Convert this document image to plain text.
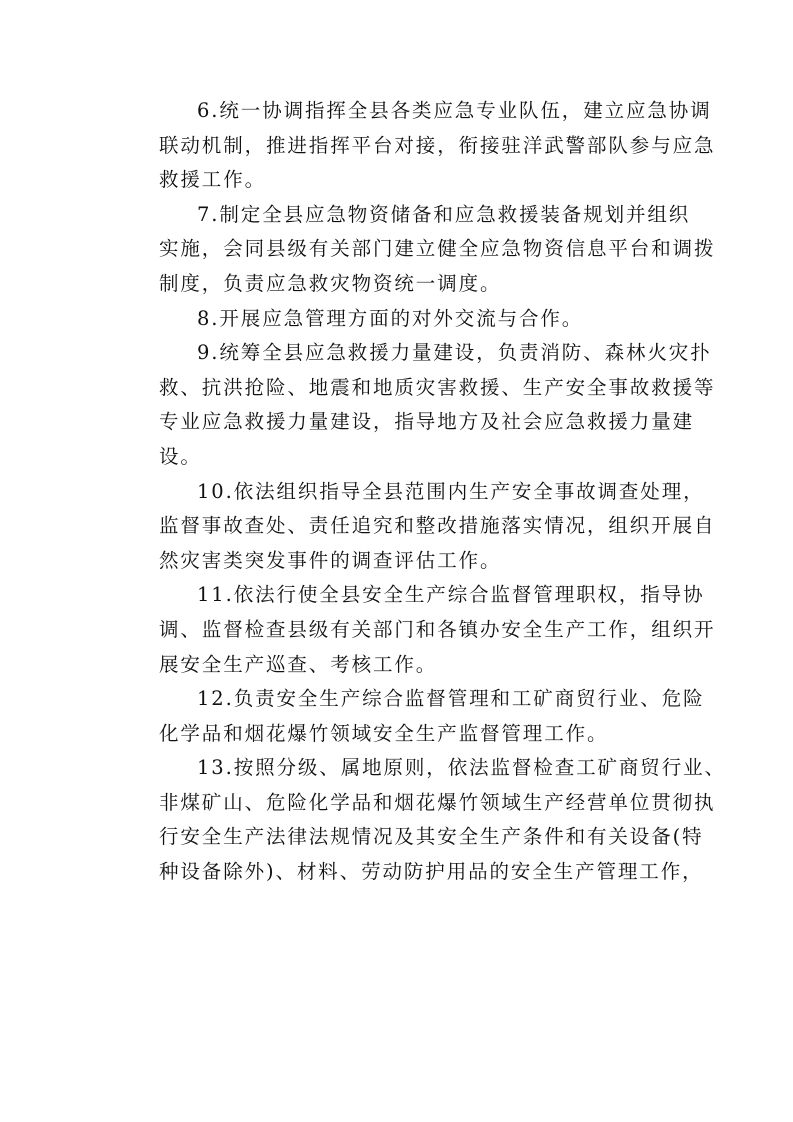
6.统一协调指挥全县各类应急专业队伍，建立应急协调
联动机制，推进指挥平台对接，衔接驻洋武警部队参与应急
救援工作。
7.制定全县应急物资储备和应急救援装备规划并组织
实施，会同县级有关部门建立健全应急物资信息平台和调拨
制度，负责应急救灾物资统一调度。
8.开展应急管理方面的对外交流与合作。
9.统筹全县应急救援力量建设，负责消防、森林火灾扑
救、抗洪抢险、地震和地质灾害救援、生产安全事故救援等
专业应急救援力量建设，指导地方及社会应急救援力量建
设。
10.依法组织指导全县范围内生产安全事故调查处理，
监督事故查处、责任追究和整改措施落实情况，组织开展自
然灾害类突发事件的调查评估工作。
11.依法行使全县安全生产综合监督管理职权，指导协
调、监督检查县级有关部门和各镇办安全生产工作，组织开
展安全生产巡查、考核工作。
12.负责安全生产综合监督管理和工矿商贸行业、危险
化学品和烟花爆竹领域安全生产监督管理工作。
13.按照分级、属地原则，依法监督检查工矿商贸行业、
非煤矿山、危险化学品和烟花爆竹领域生产经营单位贯彻执
行安全生产法律法规情况及其安全生产条件和有关设备(特
种设备除外)、材料、劳动防护用品的安全生产管理工作，
